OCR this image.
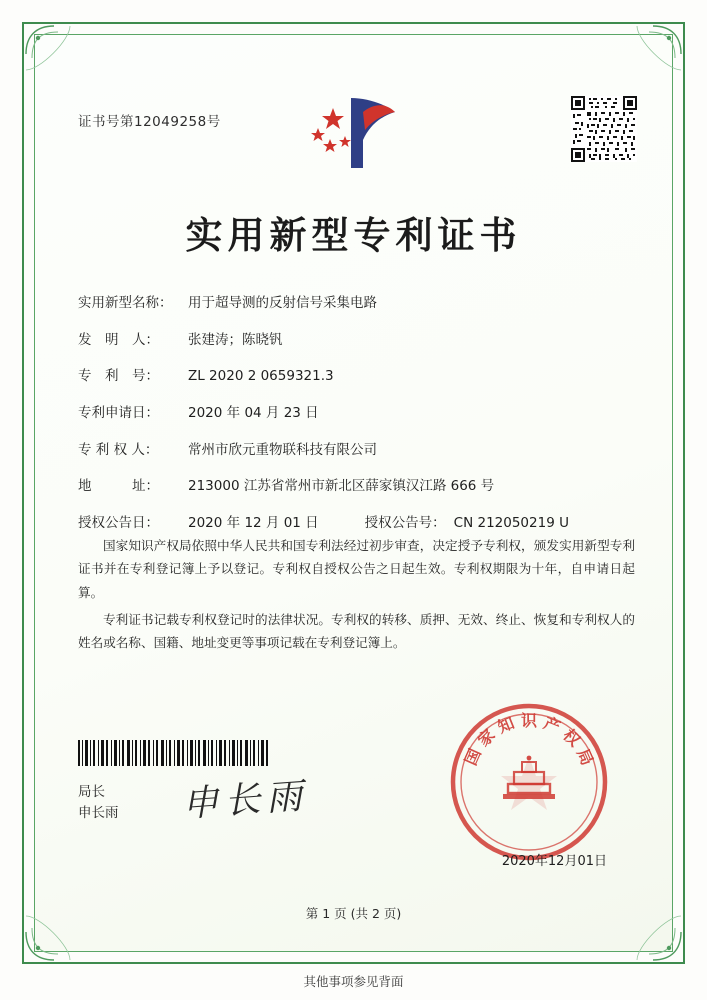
证书号第12049258号
实用新型专利证书
实用新型名称：	用于超导测的反射信号采集电路
发　明　人：	张建涛；陈晓钒
专　利　号：	ZL 2020 2 0659321.3
专利申请日：	2020 年 04 月 23 日
专 利 权 人：	常州市欣元重物联科技有限公司
地　　　址：	213000 江苏省常州市新北区薛家镇汉江路 666 号
授权公告日：	2020 年 12 月 01 日	授权公告号： CN 212050219 U

国家知识产权局依照中华人民共和国专利法经过初步审查，决定授予专利权，颁发实用新型专利证书并在专利登记簿上予以登记。专利权自授权公告之日起生效。专利权期限为十年，自申请日起算。

专利证书记载专利权登记时的法律状况。专利权的转移、质押、无效、终止、恢复和专利权人的姓名或名称、国籍、地址变更等事项记载在专利登记簿上。

局长
申长雨 申长雨
国
家
知 识 产
权
局
2020年12月01日
第 1 页 (共 2 页)
其他事项参见背面
